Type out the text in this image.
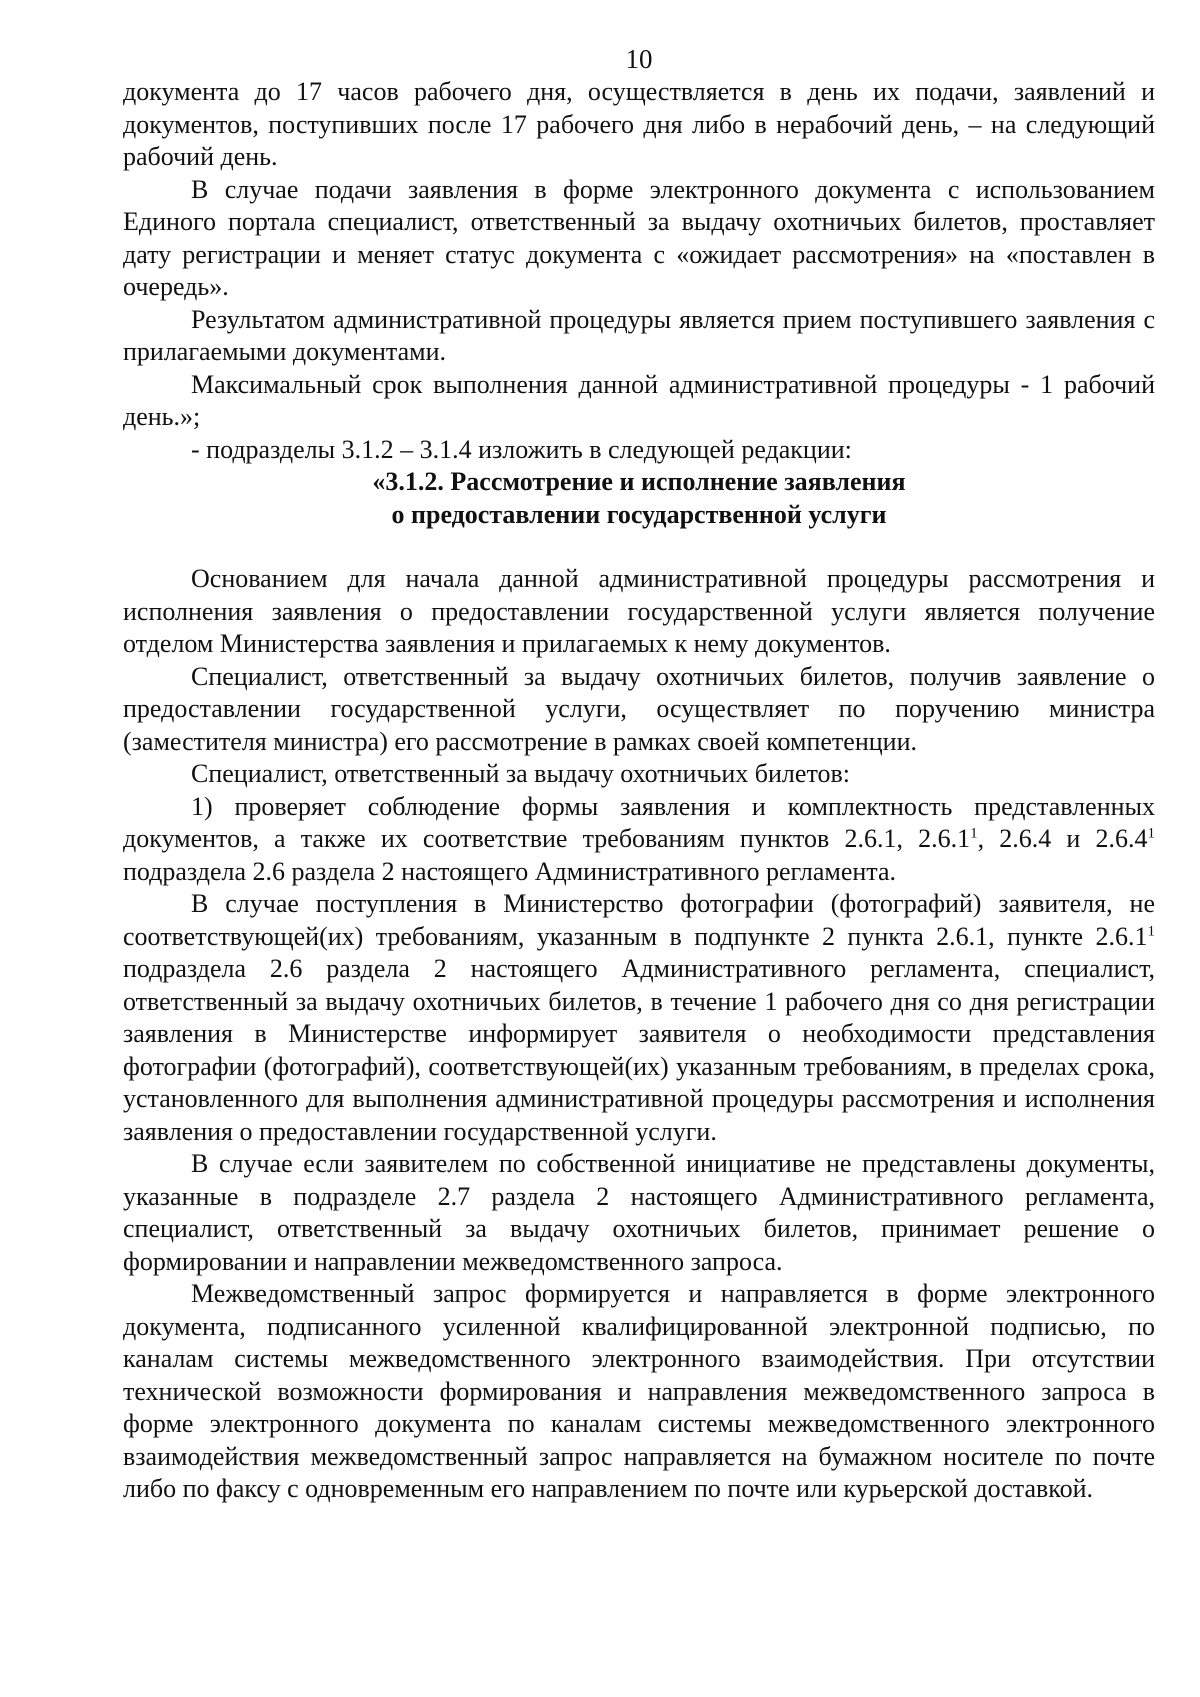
10

документа до 17 часов рабочего дня, осуществляется в день их подачи, заявлений и документов, поступивших после 17 рабочего дня либо в нерабочий день, – на следующий рабочий день.

В случае подачи заявления в форме электронного документа с использованием Единого портала специалист, ответственный за выдачу охотничьих билетов, проставляет дату регистрации и меняет статус документа с «ожидает рассмотрения» на «поставлен в очередь».

Результатом административной процедуры является прием поступившего заявления с прилагаемыми документами.

Максимальный срок выполнения данной административной процедуры - 1 рабочий день.»;

- подразделы 3.1.2 – 3.1.4 изложить в следующей редакции:

«3.1.2. Рассмотрение и исполнение заявления
о предоставлении государственной услуги

Основанием для начала данной административной процедуры рассмотрения и исполнения заявления о предоставлении государственной услуги является получение отделом Министерства заявления и прилагаемых к нему документов.

Специалист, ответственный за выдачу охотничьих билетов, получив заявление о предоставлении государственной услуги, осуществляет по поручению министра (заместителя министра) его рассмотрение в рамках своей компетенции.

Специалист, ответственный за выдачу охотничьих билетов:

1) проверяет соблюдение формы заявления и комплектность представленных документов, а также их соответствие требованиям пунктов 2.6.1, 2.6.1$^1$, 2.6.4 и 2.6.4$^1$ подраздела 2.6 раздела 2 настоящего Административного регламента.

В случае поступления в Министерство фотографии (фотографий) заявителя, не соответствующей(их) требованиям, указанным в подпункте 2 пункта 2.6.1, пункте 2.6.1$^1$ подраздела 2.6 раздела 2 настоящего Административного регламента, специалист, ответственный за выдачу охотничьих билетов, в течение 1 рабочего дня со дня регистрации заявления в Министерстве информирует заявителя о необходимости представления фотографии (фотографий), соответствующей(их) указанным требованиям, в пределах срока, установленного для выполнения административной процедуры рассмотрения и исполнения заявления о предоставлении государственной услуги.

В случае если заявителем по собственной инициативе не представлены документы, указанные в подразделе 2.7 раздела 2 настоящего Административного регламента, специалист, ответственный за выдачу охотничьих билетов, принимает решение о формировании и направлении межведомственного запроса.

Межведомственный запрос формируется и направляется в форме электронного документа, подписанного усиленной квалифицированной электронной подписью, по каналам системы межведомственного электронного взаимодействия. При отсутствии технической возможности формирования и направления межведомственного запроса в форме электронного документа по каналам системы межведомственного электронного взаимодействия межведомственный запрос направляется на бумажном носителе по почте либо по факсу с одновременным его направлением по почте или курьерской доставкой.
